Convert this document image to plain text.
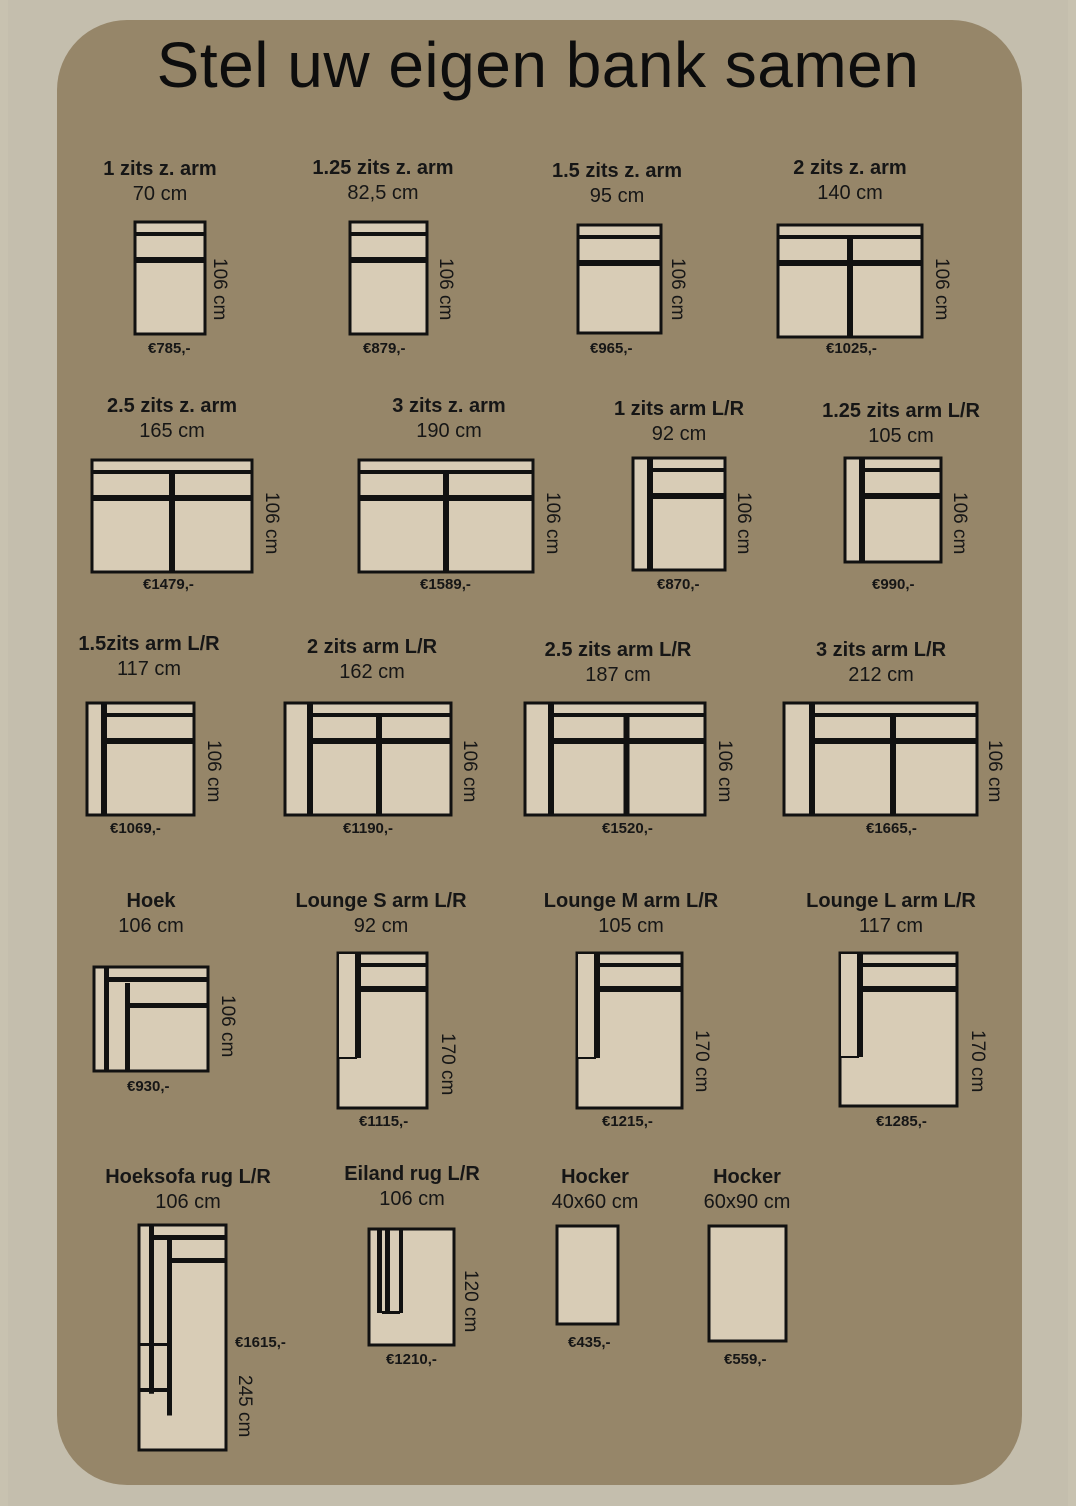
Stel uw eigen bank samen
1 zits z. arm
70 cm
€785,-
106 cm
1.25 zits z. arm
82,5 cm
€879,-
106 cm
1.5 zits z. arm
95 cm
€965,-
106 cm
2 zits z. arm
140 cm
€1025,-
106 cm
2.5 zits z. arm
165 cm
€1479,-
106 cm
3 zits z. arm
190 cm
€1589,-
106 cm
1 zits arm L/R
92 cm
€870,-
106 cm
1.25 zits arm L/R
105 cm
€990,-
106 cm
1.5zits arm L/R
117 cm
€1069,-
106 cm
2 zits arm L/R
162 cm
€1190,-
106 cm
2.5 zits arm L/R
187 cm
€1520,-
106 cm
3 zits arm L/R
212 cm
€1665,-
106 cm
Hoek
106 cm
€930,-
106 cm
Lounge S arm L/R
92 cm
€1115,-
170 cm
Lounge M arm L/R
105 cm
€1215,-
170 cm
Lounge L arm L/R
117 cm
€1285,-
170 cm
Hoeksofa rug L/R
106 cm
€1615,-
245 cm
Eiland rug L/R
106 cm
€1210,-
120 cm
Hocker
40x60 cm
€435,-
Hocker
60x90 cm
€559,-
